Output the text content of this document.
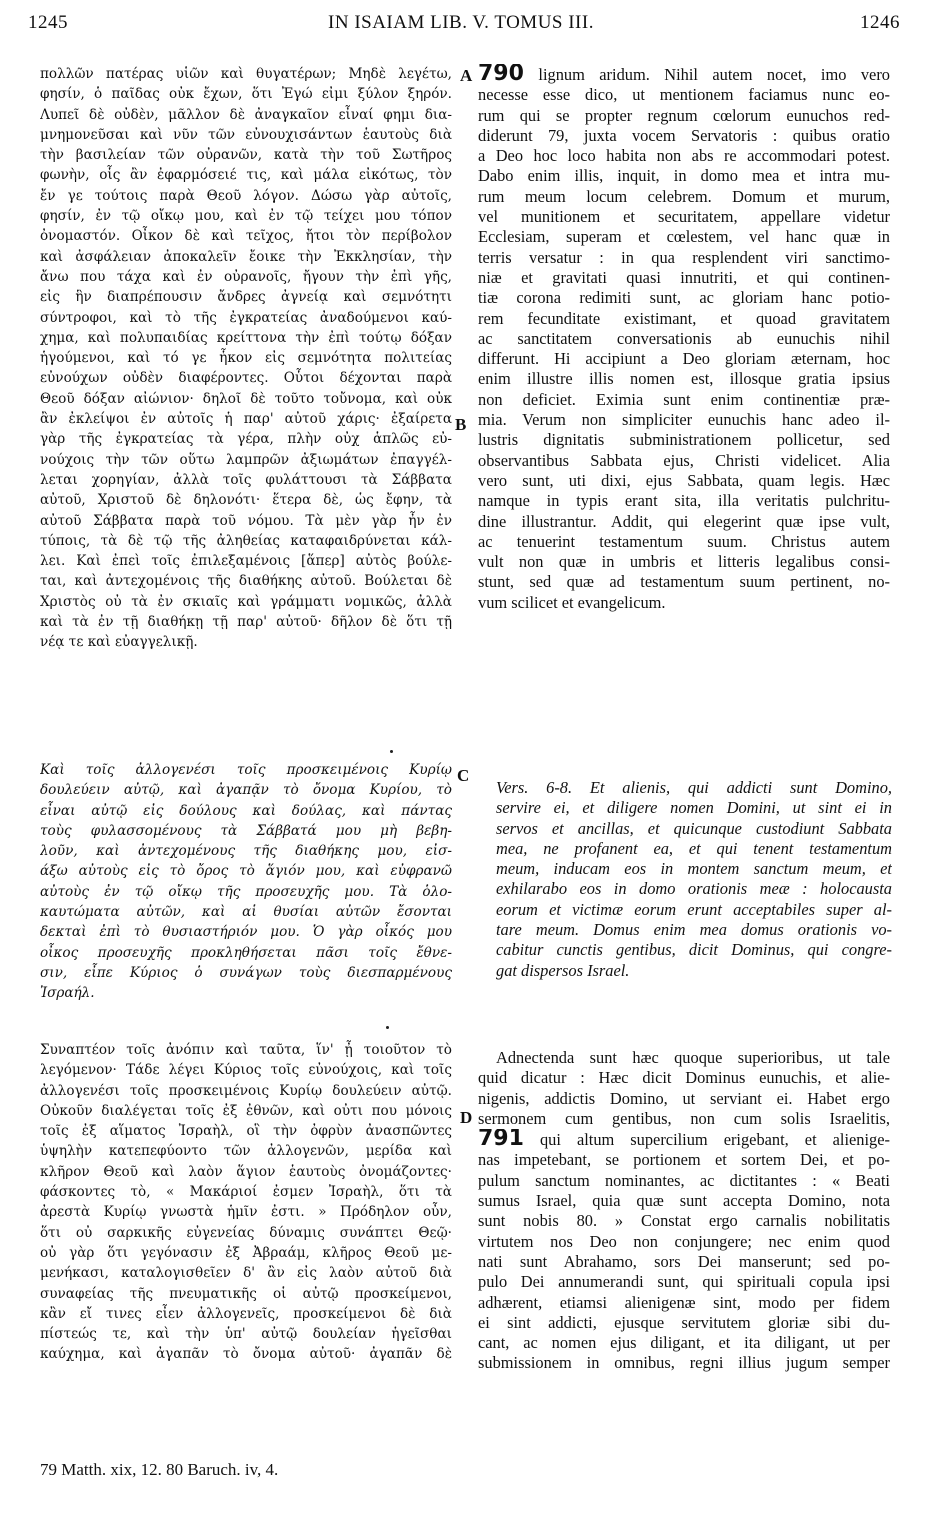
1245	IN ISAIAM LIB. V. TOMUS III.	1246
A
B
C
D
πολλῶν πατέρας υἱῶν καὶ θυγατέρων; Μηδὲ λεγέτω,
φησίν, ὁ παῖδας οὐκ ἔχων, ὅτι Ἐγώ εἰμι ξύλον ξηρόν.
Λυπεῖ δὲ οὐδὲν, μᾶλλον δὲ ἀναγκαῖον εἶναί φημι δια-
μνημονεῦσαι καὶ νῦν τῶν εὐνουχισάντων ἑαυτοὺς διὰ
τὴν βασιλείαν τῶν οὐρανῶν, κατὰ τὴν τοῦ Σωτῆρος
φωνὴν, οἷς ἂν ἐφαρμόσειέ τις, καὶ μάλα εἰκότως, τὸν
ἔν γε τούτοις παρὰ Θεοῦ λόγον. Δώσω γὰρ αὐτοῖς,
φησίν, ἐν τῷ οἴκῳ μου, καὶ ἐν τῷ τείχει μου τόπον
ὀνομαστόν. Οἶκον δὲ καὶ τεῖχος, ἤτοι τὸν περίβολον
καὶ ἀσφάλειαν ἀποκαλεῖν ἔοικε τὴν Ἐκκλησίαν, τὴν
ἄνω που τάχα καὶ ἐν οὐρανοῖς, ἤγουν τὴν ἐπὶ γῆς,
εἰς ἣν διαπρέπουσιν ἄνδρες ἀγνείᾳ καὶ σεμνότητι
σύντροφοι, καὶ τὸ τῆς ἐγκρατείας ἀναδούμενοι καύ-
χημα, καὶ πολυπαιδίας κρείττονα τὴν ἐπὶ τούτῳ δόξαν
ἡγούμενοι, καὶ τό γε ἧκον εἰς σεμνότητα πολιτείας
εὐνούχων οὐδὲν διαφέροντες. Οὗτοι δέχονται παρὰ
Θεοῦ δόξαν αἰώνιον· δηλοῖ δὲ τοῦτο τοὔνομα, καὶ οὐκ
ἂν ἐκλείψοι ἐν αὐτοῖς ἡ παρ' αὐτοῦ χάρις· ἐξαίρετα
γὰρ τῆς ἐγκρατείας τὰ γέρα, πλὴν οὐχ ἁπλῶς εὐ-
νούχοις τὴν τῶν οὕτω λαμπρῶν ἀξιωμάτων ἐπαγγέλ-
λεται χορηγίαν, ἀλλὰ τοῖς φυλάττουσι τὰ Σάββατα
αὐτοῦ, Χριστοῦ δὲ δηλονότι· ἕτερα δὲ, ὡς ἔφην, τὰ
αὐτοῦ Σάββατα παρὰ τοῦ νόμου. Τὰ μὲν γὰρ ἦν ἐν
τύποις, τὰ δὲ τῷ τῆς ἀληθείας καταφαιδρύνεται κάλ-
λει. Καὶ ἐπεὶ τοῖς ἐπιλεξαμένοις [ἅπερ] αὐτὸς βούλε-
ται, καὶ ἀντεχομένοις τῆς διαθήκης αὐτοῦ. Βούλεται δὲ
Χριστὸς οὐ τὰ ἐν σκιαῖς καὶ γράμματι νομικῶς, ἀλλὰ
καὶ τὰ ἐν τῇ διαθήκῃ τῇ παρ' αὐτοῦ· δῆλον δὲ ὅτι τῇ
νέᾳ τε καὶ εὐαγγελικῇ.
790 lignum aridum. Nihil autem nocet, imo vero
necesse esse dico, ut mentionem faciamus nunc eo-
rum qui se propter regnum cœlorum eunuchos red-
diderunt 79, juxta vocem Servatoris : quibus oratio
a Deo hoc loco habita non abs re accommodari potest.
Dabo enim illis, inquit, in domo mea et intra mu-
rum meum locum celebrem. Domum et murum,
vel munitionem et securitatem, appellare videtur
Ecclesiam, superam et cœlestem, vel hanc quæ in
terris versatur : in qua resplendent viri sanctimo-
niæ et gravitati quasi innutriti, et qui continen-
tiæ corona redimiti sunt, ac gloriam hanc potio-
rem fecunditate existimant, et quoad gravitatem
ac sanctitatem conversationis ab eunuchis nihil
differunt. Hi accipiunt a Deo gloriam æternam, hoc
enim illustre illis nomen est, illosque gratia ipsius
non deficiet. Eximia sunt enim continentiæ præ-
mia. Verum non simpliciter eunuchis hanc adeo il-
lustris dignitatis subministrationem pollicetur, sed
observantibus Sabbata ejus, Christi videlicet. Alia
vero sunt, uti dixi, ejus Sabbata, quam legis. Hæc
namque in typis erant sita, illa veritatis pulchritu-
dine illustrantur. Addit, qui elegerint quæ ipse vult,
ac tenuerint testamentum suum. Christus autem
vult non quæ in umbris et litteris legalibus consi-
stunt, sed quæ ad testamentum suum pertinent, no-
vum scilicet et evangelicum.
Καὶ τοῖς ἀλλογενέσι τοῖς προσκειμένοις Κυρίῳ
δουλεύειν αὐτῷ, καὶ ἀγαπᾷν τὸ ὄνομα Κυρίου, τὸ
εἶναι αὐτῷ εἰς δούλους καὶ δούλας, καὶ πάντας
τοὺς φυλασσομένους τὰ Σάββατά μου μὴ βεβη-
λοῦν, καὶ ἀντεχομένους τῆς διαθήκης μου, εἰσ-
άξω αὐτοὺς εἰς τὸ ὄρος τὸ ἅγιόν μου, καὶ εὐφρανῶ
αὐτοὺς ἐν τῷ οἴκῳ τῆς προσευχῆς μου. Τὰ ὁλο-
καυτώματα αὐτῶν, καὶ αἱ θυσίαι αὐτῶν ἔσονται
δεκταὶ ἐπὶ τὸ θυσιαστήριόν μου. Ὁ γὰρ οἶκός μου
οἶκος προσευχῆς προκληθήσεται πᾶσι τοῖς ἔθνε-
σιν, εἶπε Κύριος ὁ συνάγων τοὺς διεσπαρμένους
Ἰσραήλ.
Vers. 6-8. Et alienis, qui addicti sunt Domino,
servire ei, et diligere nomen Domini, ut sint ei in
servos et ancillas, et quicunque custodiunt Sabbata
mea, ne profanent ea, et qui tenent testamentum
meum, inducam eos in montem sanctum meum, et
exhilarabo eos in domo orationis meæ : holocausta
eorum et victimæ eorum erunt acceptabiles super al-
tare meum. Domus enim mea domus orationis vo-
cabitur cunctis gentibus, dicit Dominus, qui congre-
gat dispersos Israel.
Συναπτέον τοῖς ἀνόπιν καὶ ταῦτα, ἵν' ᾖ τοιοῦτον τὸ
λεγόμενον· Τάδε λέγει Κύριος τοῖς εὐνούχοις, καὶ τοῖς
ἀλλογενέσι τοῖς προσκειμένοις Κυρίῳ δουλεύειν αὐτῷ.
Οὐκοῦν διαλέγεται τοῖς ἐξ ἐθνῶν, καὶ οὐτι που μόνοις
τοῖς ἐξ αἵματος Ἰσραὴλ, οἳ τὴν ὀφρὺν ἀνασπῶντες
ὑψηλὴν κατεπεφύοντο τῶν ἀλλογενῶν, μερίδα καὶ
κλῆρον Θεοῦ καὶ λαὸν ἅγιον ἑαυτοὺς ὀνομάζοντες·
φάσκοντες τὸ, « Μακάριοί ἐσμεν Ἰσραὴλ, ὅτι τὰ
ἀρεστὰ Κυρίῳ γνωστὰ ἡμῖν ἐστι. » Πρόδηλον οὖν,
ὅτι οὐ σαρκικῆς εὐγενείας δύναμις συνάπτει Θεῷ·
οὐ γὰρ ὅτι γεγόνασιν ἐξ Ἀβραάμ, κλῆρος Θεοῦ με-
μενήκασι, καταλογισθεῖεν δ' ἂν εἰς λαὸν αὐτοῦ διὰ
συναφείας τῆς πνευματικῆς οἱ αὐτῷ προσκείμενοι,
κἂν εἴ τινες εἶεν ἀλλογενεῖς, προσκείμενοι δὲ διὰ
πίστεώς τε, καὶ τὴν ὑπ' αὐτῷ δουλείαν ἡγεῖσθαι
καύχημα, καὶ ἀγαπᾶν τὸ ὄνομα αὐτοῦ· ἀγαπᾶν δὲ
Adnectenda sunt hæc quoque superioribus, ut tale
quid dicatur : Hæc dicit Dominus eunuchis, et alie-
nigenis, addictis Domino, ut serviant ei. Habet ergo
sermonem cum gentibus, non cum solis Israelitis,
791 qui altum supercilium erigebant, et alienige-
nas impetebant, se portionem et sortem Dei, et po-
pulum sanctum nominantes, ac dictitantes : « Beati
sumus Israel, quia quæ sunt accepta Domino, nota
sunt nobis 80. » Constat ergo carnalis nobilitatis
virtutem nos Deo non conjungere; nec enim quod
nati sunt Abrahamo, sors Dei manserunt; sed po-
pulo Dei annumerandi sunt, qui spirituali copula ipsi
adhærent, etiamsi alienigenæ sint, modo per fidem
ei sint addicti, ejusque servitutem gloriæ sibi du-
cant, ac nomen ejus diligant, et ita diligant, ut per
submissionem in omnibus, regni illius jugum semper
79 Matth. xix, 12. 80 Baruch. iv, 4.
